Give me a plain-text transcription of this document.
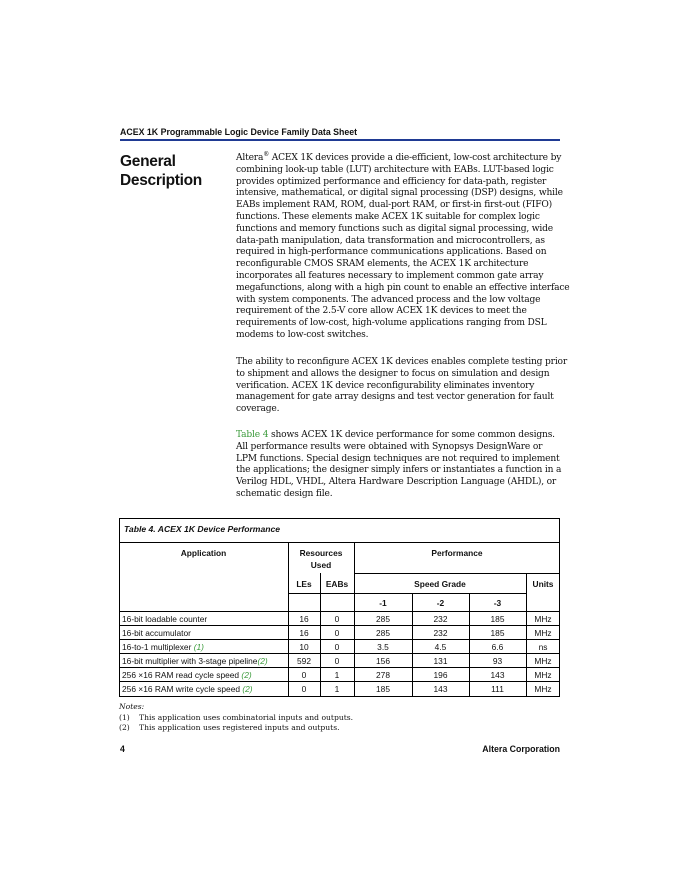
ACEX 1K Programmable Logic Device Family Data Sheet
General
Description
Altera® ACEX 1K devices provide a die-efficient, low-cost architecture by
combining look-up table (LUT) architecture with EABs. LUT-based logic
provides optimized performance and efficiency for data-path, register
intensive, mathematical, or digital signal processing (DSP) designs, while
EABs implement RAM, ROM, dual-port RAM, or first-in first-out (FIFO)
functions. These elements make ACEX 1K suitable for complex logic
functions and memory functions such as digital signal processing, wide
data-path manipulation, data transformation and microcontrollers, as
required in high-performance communications applications. Based on
reconfigurable CMOS SRAM elements, the ACEX 1K architecture
incorporates all features necessary to implement common gate array
megafunctions, along with a high pin count to enable an effective interface
with system components. The advanced process and the low voltage
requirement of the 2.5-V core allow ACEX 1K devices to meet the
requirements of low-cost, high-volume applications ranging from DSL
modems to low-cost switches.
The ability to reconfigure ACEX 1K devices enables complete testing prior
to shipment and allows the designer to focus on simulation and design
verification. ACEX 1K device reconfigurability eliminates inventory
management for gate array designs and test vector generation for fault
coverage.
Table 4 shows ACEX 1K device performance for some common designs.
All performance results were obtained with Synopsys DesignWare or
LPM functions. Special design techniques are not required to implement
the applications; the designer simply infers or instantiates a function in a
Verilog HDL, VHDL, Altera Hardware Description Language (AHDL), or
schematic design file.
Table 4. ACEX 1K Device Performance
Application	Resources
Used
Performance
LEs	EABs	Speed Grade	Units
-1	-2	-3
16-bit loadable counter	16	0	285	232	185	MHz
16-bit accumulator	16	0	285	232	185	MHz
16-to-1 multiplexer (1)	10	0	3.5	4.5	6.6	ns
16-bit multiplier with 3-stage pipeline(2)	592	0	156	131	93	MHz
256 ×16 RAM read cycle speed (2)	0	1	278	196	143	MHz
256 ×16 RAM write cycle speed (2)	0	1	185	143	111	MHz
Notes:
(1) This application uses combinatorial inputs and outputs.
(2) This application uses registered inputs and outputs.
4	Altera Corporation
